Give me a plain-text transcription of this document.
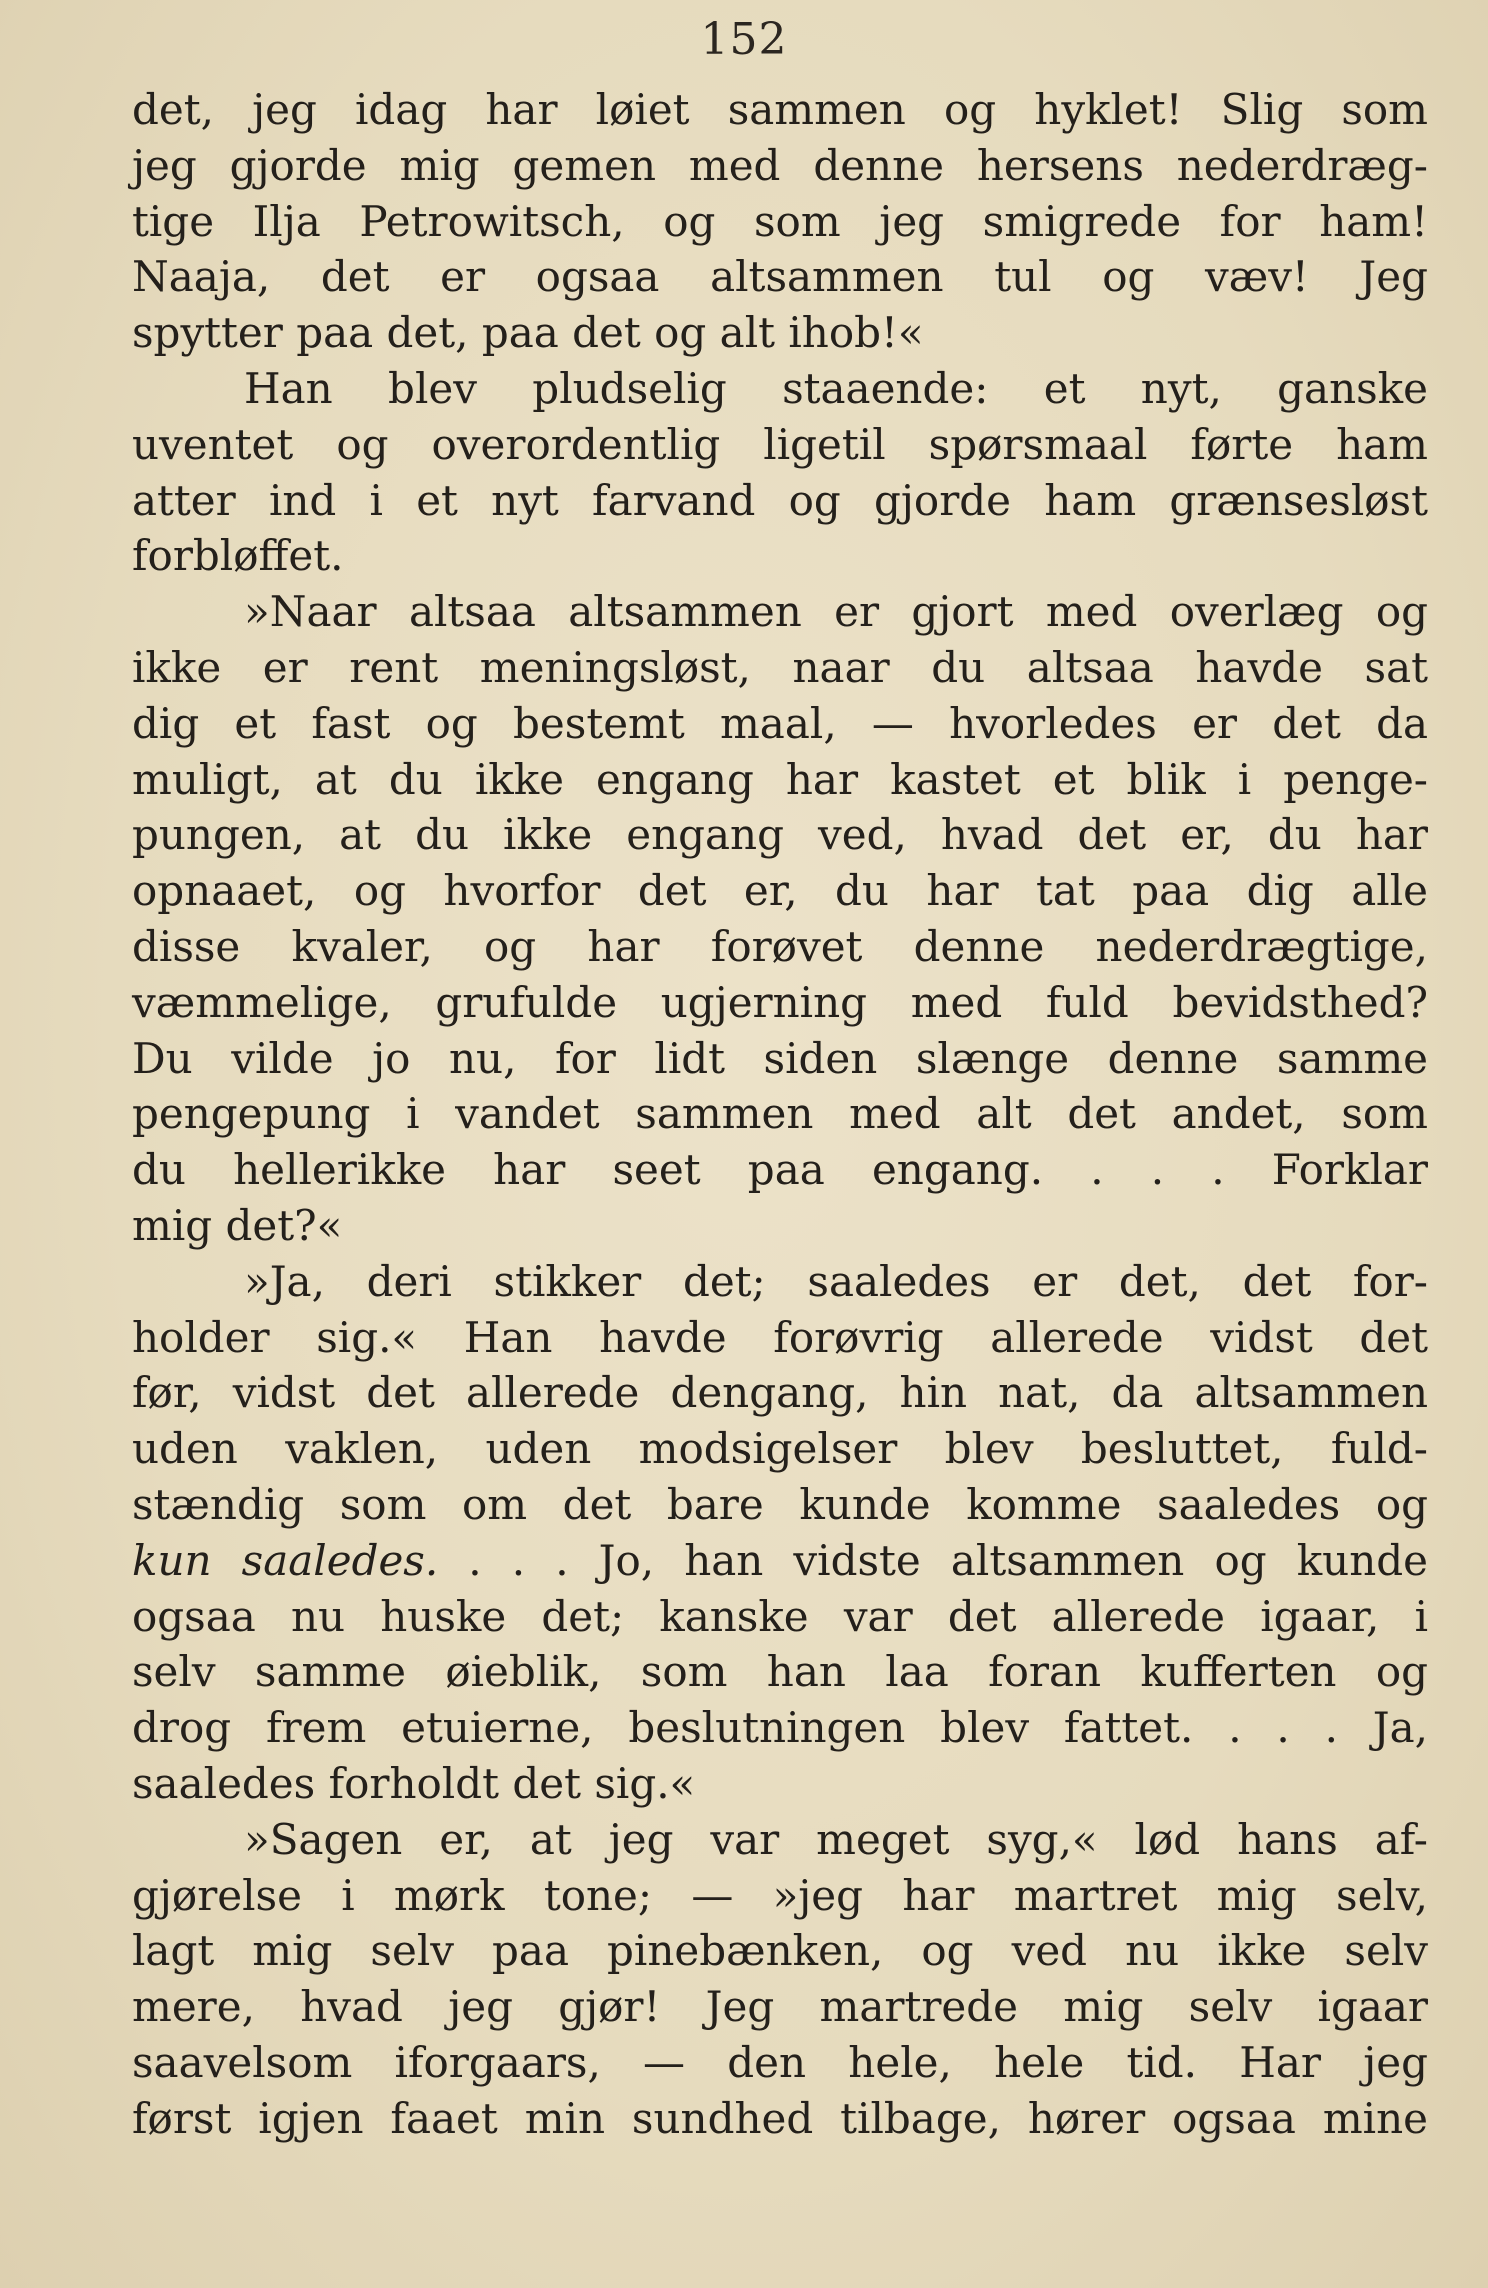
152
det, jeg idag har løiet sammen og hyklet! Slig som
jeg gjorde mig gemen med denne hersens nederdræg-
tige Ilja Petrowitsch, og som jeg smigrede for ham!
Naaja, det er ogsaa altsammen tul og væv! Jeg
spytter paa det, paa det og alt ihob!«
Han blev pludselig staaende: et nyt, ganske
uventet og overordentlig ligetil spørsmaal førte ham
atter ind i et nyt farvand og gjorde ham grænsesløst
forbløffet.
»Naar altsaa altsammen er gjort med overlæg og
ikke er rent meningsløst, naar du altsaa havde sat
dig et fast og bestemt maal, — hvorledes er det da
muligt, at du ikke engang har kastet et blik i penge-
pungen, at du ikke engang ved, hvad det er, du har
opnaaet, og hvorfor det er, du har tat paa dig alle
disse kvaler, og har forøvet denne nederdrægtige,
væmmelige, grufulde ugjerning med fuld bevidsthed?
Du vilde jo nu, for lidt siden slænge denne samme
pengepung i vandet sammen med alt det andet, som
du hellerikke har seet paa engang. . . . Forklar
mig det?«
»Ja, deri stikker det; saaledes er det, det for-
holder sig.« Han havde forøvrig allerede vidst det
før, vidst det allerede dengang, hin nat, da altsammen
uden vaklen, uden modsigelser blev besluttet, fuld-
stændig som om det bare kunde komme saaledes og
kun saaledes. . . . Jo, han vidste altsammen og kunde
ogsaa nu huske det; kanske var det allerede igaar, i
selv samme øieblik, som han laa foran kufferten og
drog frem etuierne, beslutningen blev fattet. . . . Ja,
saaledes forholdt det sig.«
»Sagen er, at jeg var meget syg,« lød hans af-
gjørelse i mørk tone; — »jeg har martret mig selv,
lagt mig selv paa pinebænken, og ved nu ikke selv
mere, hvad jeg gjør! Jeg martrede mig selv igaar
saavelsom iforgaars, — den hele, hele tid. Har jeg
først igjen faaet min sundhed tilbage, hører ogsaa mine
